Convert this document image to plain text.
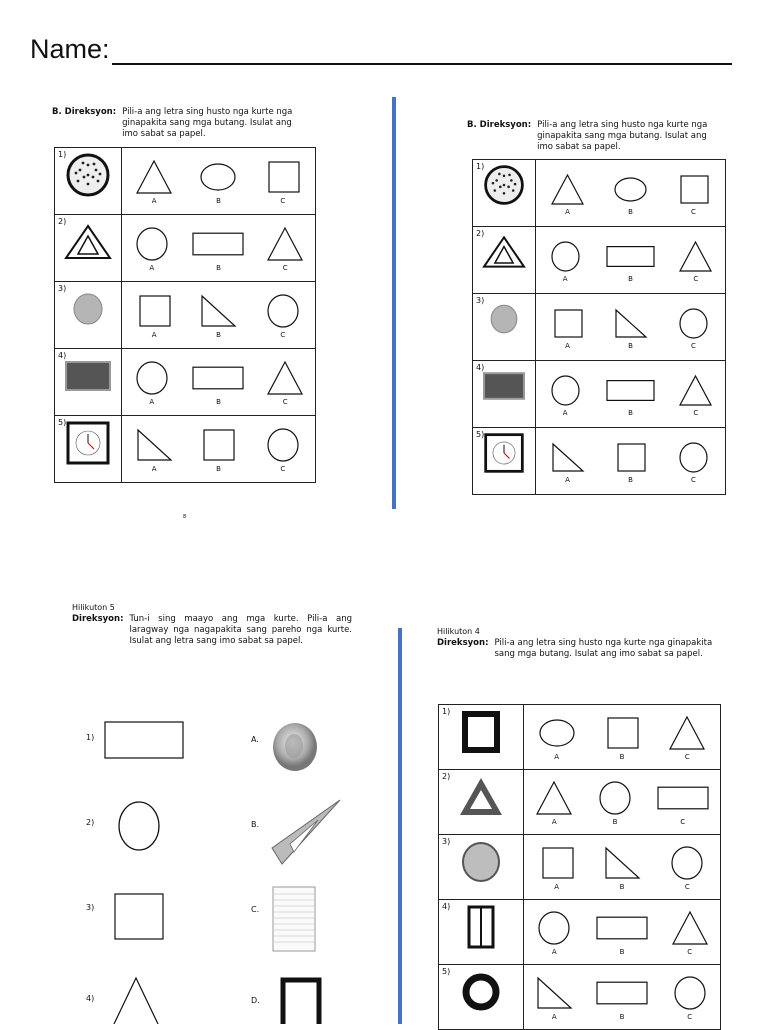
Name:
B. Direksyon: Pili-a ang letra sing husto nga kurte nga ginapakita sang mga butang. Isulat ang imo sabat sa papel.
1)	A B C

2)	A B C

3)	A B C

4)	A B C

5)	A B C
8
B. Direksyon: Pili-a ang letra sing husto nga kurte nga ginapakita sang mga butang. Isulat ang imo sabat sa papel.
1)	A B C

2)	A B C

3)	A B C

4)	A B C

5)	A B C
Hilikuton 5
Direksyon: Tun-i sing maayo ang mga kurte. Pili-a ang laragway nga nagapakita sang pareho nga kurte. Isulat ang letra sang imo sabat sa papel.
1)
2)
3)
4)
A.
B.
C.
D.
Hilikuton 4
Direksyon: Pili-a ang letra sing husto nga kurte nga ginapakita sang mga butang. Isulat ang imo sabat sa papel.
1)	A B C

2)	A B C

3)	A B C

4)	A B C

5)	A B C
